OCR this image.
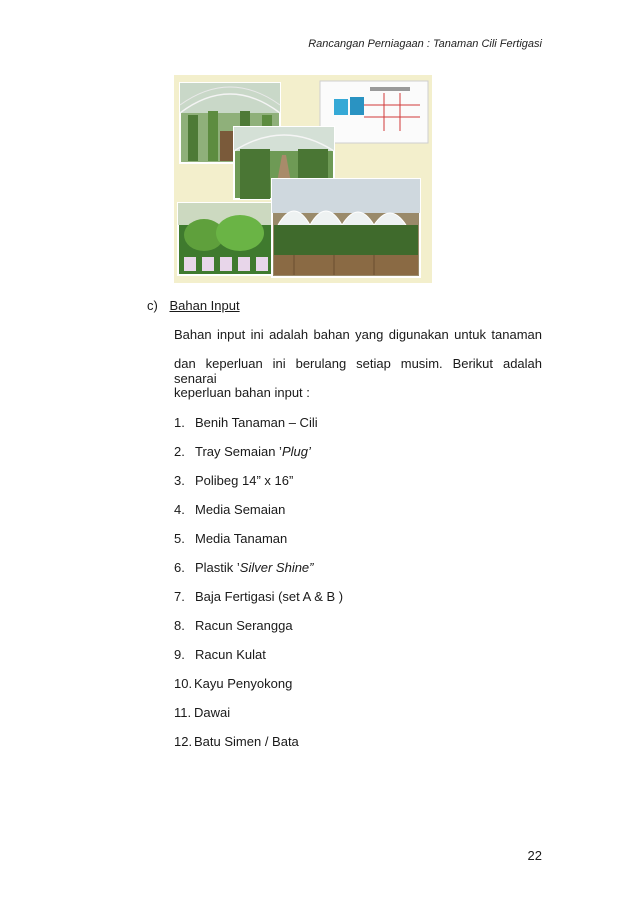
Rancangan Perniagaan : Tanaman Cili Fertigasi
c) Bahan Input
Bahan input ini adalah bahan yang digunakan untuk tanaman
dan keperluan ini berulang setiap musim. Berikut adalah senarai
keperluan bahan input :
1. Benih Tanaman – Cili
2. Tray Semaian ’Plug’
3. Polibeg 14” x 16”
4. Media Semaian
5. Media Tanaman
6. Plastik ’Silver Shine”
7. Baja Fertigasi (set A & B )
8. Racun Serangga
9. Racun Kulat
10. Kayu Penyokong
11. Dawai
12. Batu Simen / Bata
22
